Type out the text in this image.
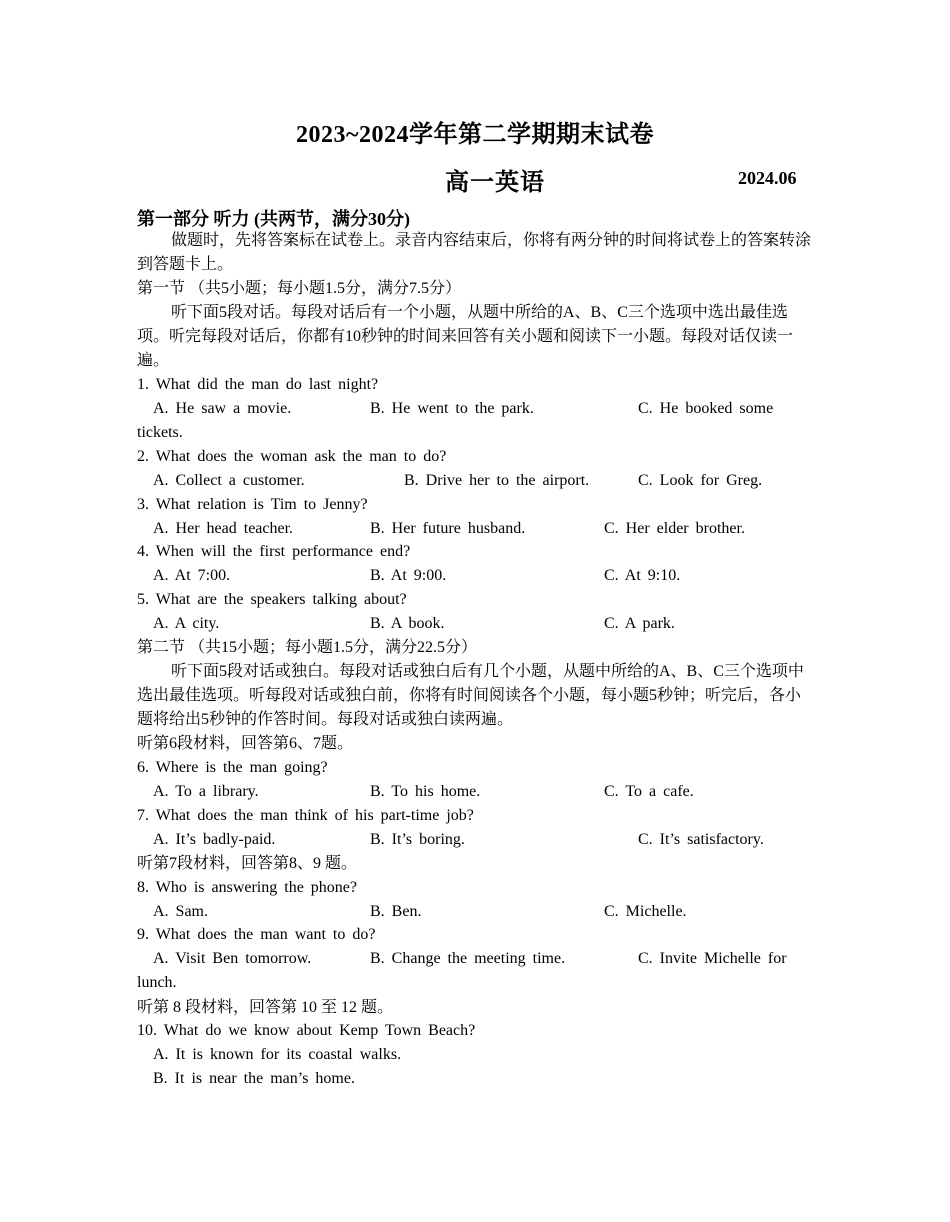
2023~2024学年第二学期期末试卷
高一英语	2024.06
第一部分 听力 (共两节，满分30分)
做题时，先将答案标在试卷上。录音内容结束后，你将有两分钟的时间将试卷上的答案转涂到答题卡上。
第一节 （共5小题；每小题1.5分，满分7.5分）
听下面5段对话。每段对话后有一个小题，从题中所给的A、B、C三个选项中选出最佳选项。听完每段对话后，你都有10秒钟的时间来回答有关小题和阅读下一小题。每段对话仅读一遍。
1. What did the man do last night?
A. He saw a movie.	B. He went to the park.	C. He booked some
tickets.
2. What does the woman ask the man to do?
A. Collect a customer.	B. Drive her to the airport.	C. Look for Greg.
3. What relation is Tim to Jenny?
A. Her head teacher.	B. Her future husband.	C. Her elder brother.
4. When will the first performance end?
A. At 7:00.	B. At 9:00.	C. At 9:10.
5. What are the speakers talking about?
A. A city.	B. A book.	C. A park.
第二节 （共15小题；每小题1.5分，满分22.5分）
听下面5段对话或独白。每段对话或独白后有几个小题，从题中所给的A、B、C三个选项中选出最佳选项。听每段对话或独白前，你将有时间阅读各个小题，每小题5秒钟；听完后，各小题将给出5秒钟的作答时间。每段对话或独白读两遍。
听第6段材料，回答第6、7题。
6. Where is the man going?
A. To a library.	B. To his home.	C. To a cafe.
7. What does the man think of his part-time job?
A. It’s badly-paid.	B. It’s boring.	C. It’s satisfactory.
听第7段材料，回答第8、9 题。
8. Who is answering the phone?
A. Sam.	B. Ben.	C. Michelle.
9. What does the man want to do?
A. Visit Ben tomorrow.	B. Change the meeting time.	C. Invite Michelle for
lunch.
听第 8 段材料，回答第 10 至 12 题。
10. What do we know about Kemp Town Beach?
A. It is known for its coastal walks.
B. It is near the man’s home.
